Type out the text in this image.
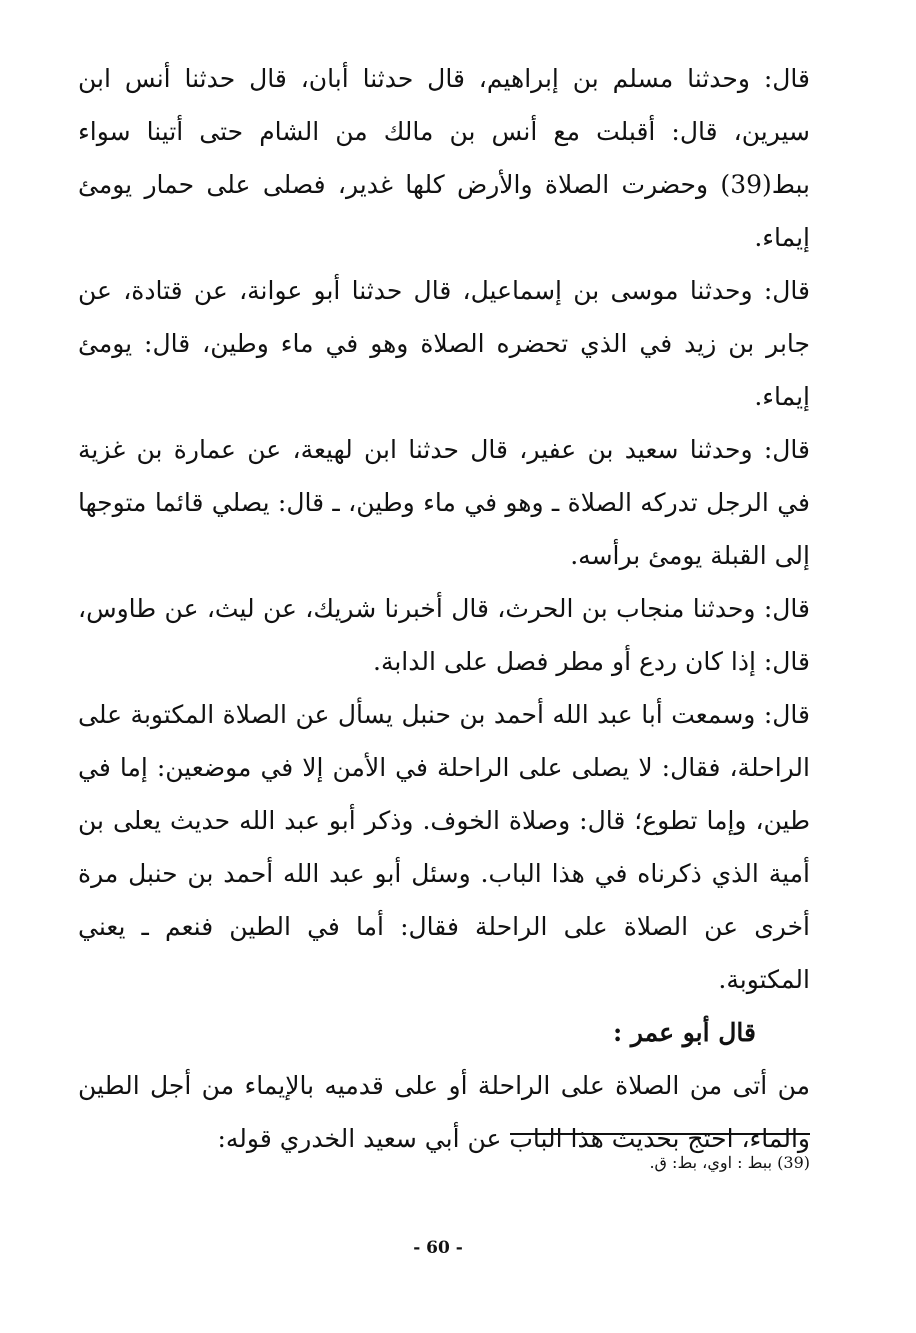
قال: وحدثنا مسلم بن إبراهيم، قال حدثنا أبان، قال حدثنا أنس ابن سيرين، قال: أقبلت مع أنس بن مالك من الشام حتى أتينا سواء ببط(39) وحضرت الصلاة والأرض كلها غدير، فصلى على حمار يومئ إيماء.

قال: وحدثنا موسى بن إسماعيل، قال حدثنا أبو عوانة، عن قتادة، عن جابر بن زيد في الذي تحضره الصلاة وهو في ماء وطين، قال: يومئ إيماء.

قال: وحدثنا سعيد بن عفير، قال حدثنا ابن لهيعة، عن عمارة بن غزية في الرجل تدركه الصلاة ـ وهو في ماء وطين، ـ قال: يصلي قائما متوجها إلى القبلة يومئ برأسه.

قال: وحدثنا منجاب بن الحرث، قال أخبرنا شريك، عن ليث، عن طاوس، قال: إذا كان ردع أو مطر فصل على الدابة.

قال: وسمعت أبا عبد الله أحمد بن حنبل يسأل عن الصلاة المكتوبة على الراحلة، فقال: لا يصلى على الراحلة في الأمن إلا في موضعين: إما في طين، وإما تطوع؛ قال: وصلاة الخوف. وذكر أبو عبد الله حديث يعلى بن أمية الذي ذكرناه في هذا الباب. وسئل أبو عبد الله أحمد بن حنبل مرة أخرى عن الصلاة على الراحلة فقال: أما في الطين فنعم ـ يعني المكتوبة.

قال أبو عمر :

من أتى من الصلاة على الراحلة أو على قدميه بالإيماء من أجل الطين والماء، احتج بحديث هذا الباب عن أبي سعيد الخدري قوله:

(39) ببط : اوي، بط: ق.
- 60 -
